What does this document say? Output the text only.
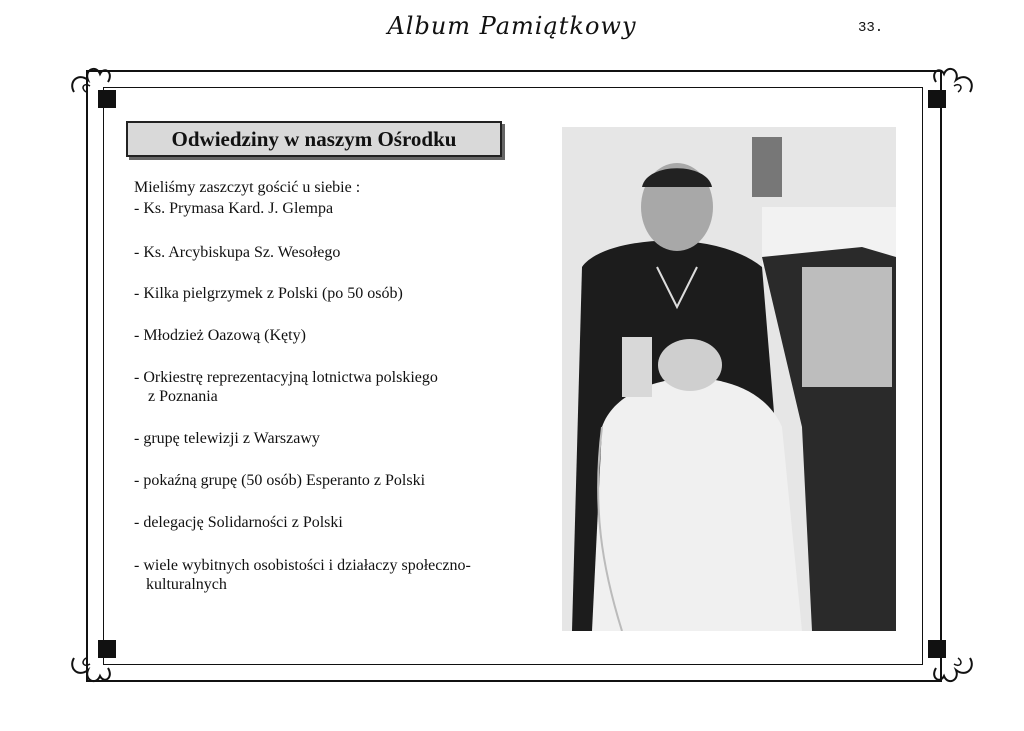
Album Pamiątkowy	33.
Odwiedziny w naszym Ośrodku
Mieliśmy zaszczyt gościć u siebie :
- Ks. Prymasa Kard. J. Glempa
- Ks. Arcybiskupa Sz. Wesołego
- Kilka pielgrzymek z Polski (po 50 osób)
- Młodzież Oazową (Kęty)
- Orkiestrę reprezentacyjną lotnictwa polskiego
z Poznania
- grupę telewizji z Warszawy
- pokaźną grupę (50 osób) Esperanto z Polski
- delegację Solidarności z Polski
- wiele wybitnych osobistości i działaczy społeczno-
kulturalnych
